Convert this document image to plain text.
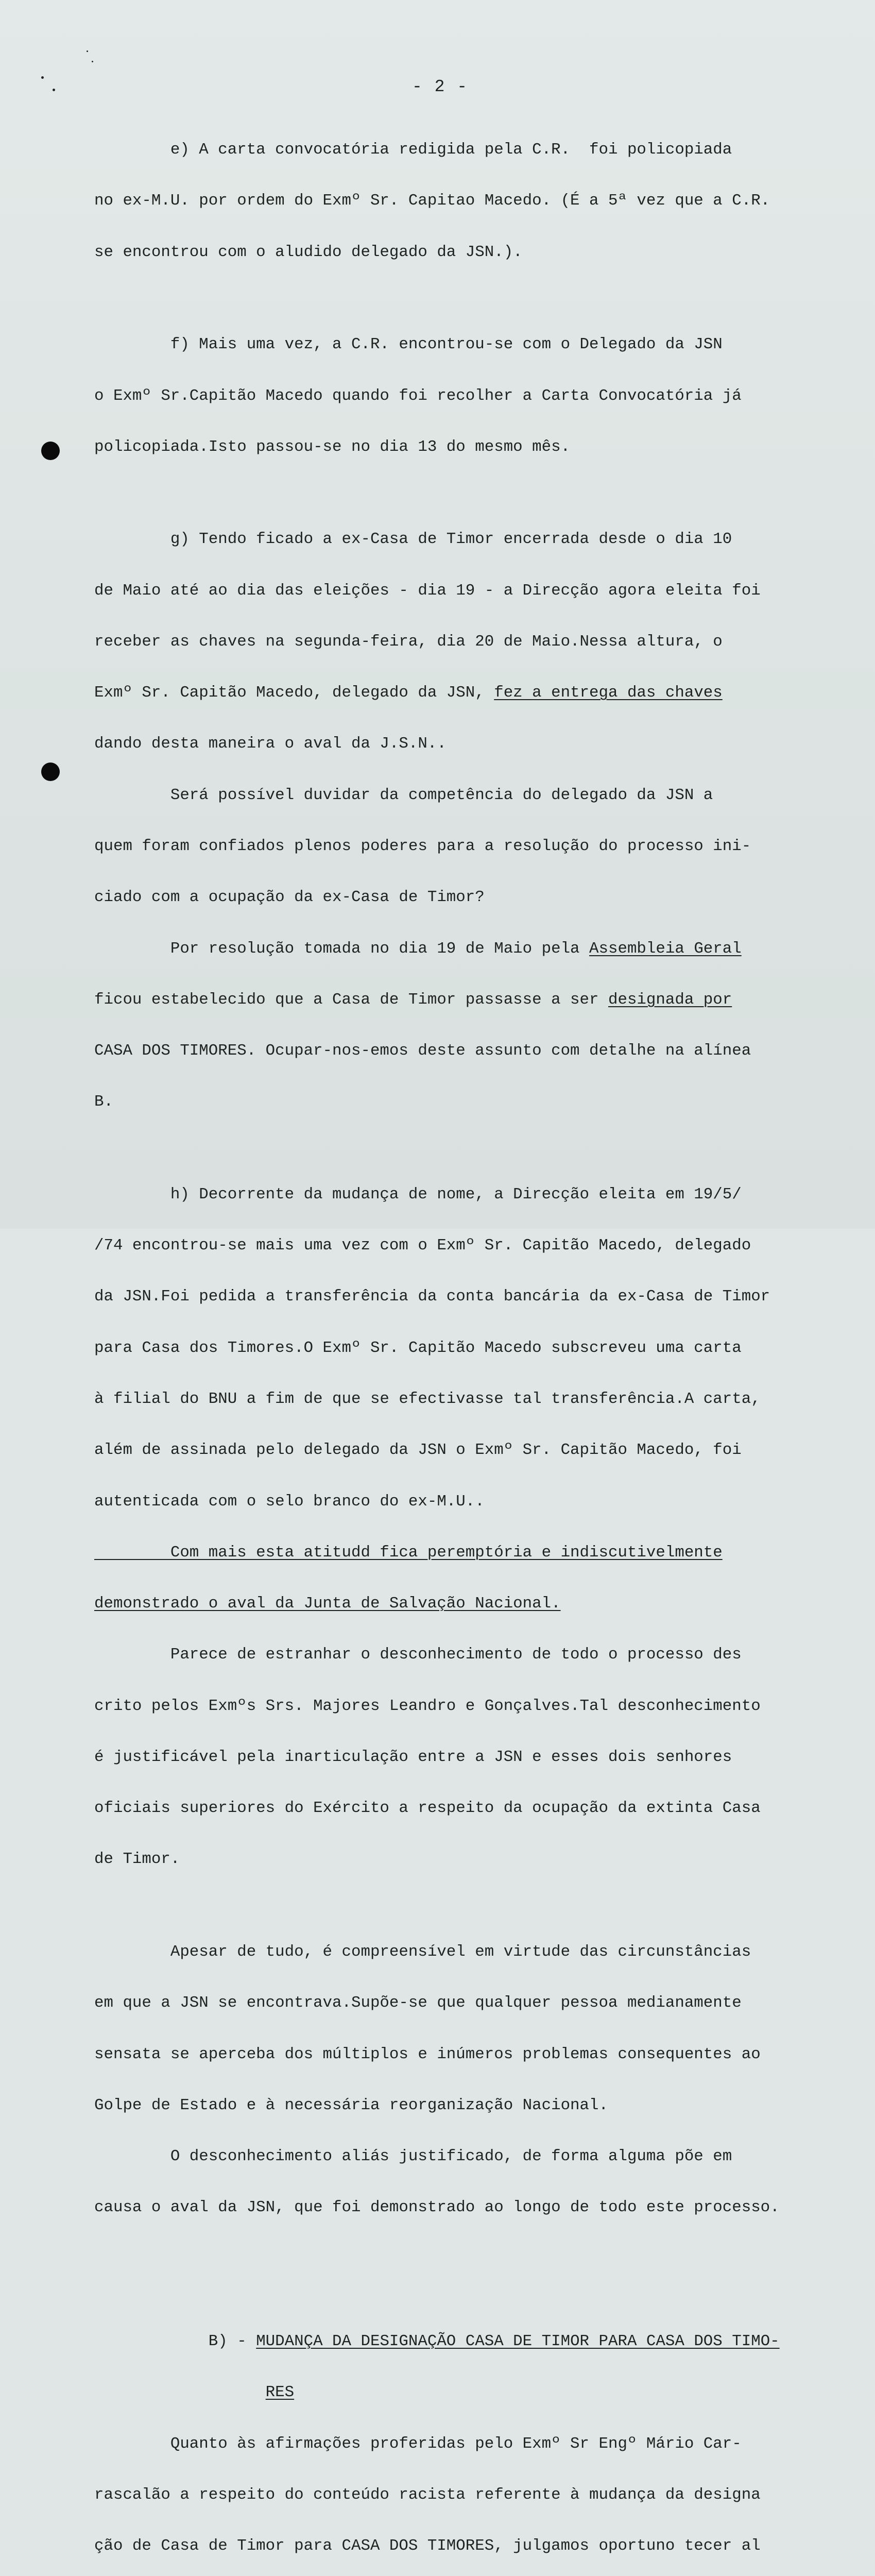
- 2 -

e) A carta convocatória redigida pela C.R.  foi policopiada

no ex-M.U. por ordem do Exmº Sr. Capitao Macedo. (É a 5ª vez que a C.R.

se encontrou com o aludido delegado da JSN.).

f) Mais uma vez, a C.R. encontrou-se com o Delegado da JSN

o Exmº Sr.Capitão Macedo quando foi recolher a Carta Convocatória já

policopiada.Isto passou-se no dia 13 do mesmo mês.

g) Tendo ficado a ex-Casa de Timor encerrada desde o dia 10

de Maio até ao dia das eleições - dia 19 - a Direcção agora eleita foi

receber as chaves na segunda-feira, dia 20 de Maio.Nessa altura, o

Exmº Sr. Capitão Macedo, delegado da JSN, fez a entrega das chaves

dando desta maneira o aval da J.S.N..

Será possível duvidar da competência do delegado da JSN a

quem foram confiados plenos poderes para a resolução do processo ini-

ciado com a ocupação da ex-Casa de Timor?

Por resolução tomada no dia 19 de Maio pela Assembleia Geral

ficou estabelecido que a Casa de Timor passasse a ser designada por

CASA DOS TIMORES. Ocupar-nos-emos deste assunto com detalhe na alínea

B.

h) Decorrente da mudança de nome, a Direcção eleita em 19/5/

/74 encontrou-se mais uma vez com o Exmº Sr. Capitão Macedo, delegado

da JSN.Foi pedida a transferência da conta bancária da ex-Casa de Timor

para Casa dos Timores.O Exmº Sr. Capitão Macedo subscreveu uma carta

à filial do BNU a fim de que se efectivasse tal transferência.A carta,

além de assinada pelo delegado da JSN o Exmº Sr. Capitão Macedo, foi

autenticada com o selo branco do ex-M.U..

Com mais esta atitudd fica peremptória e indiscutivelmente

demonstrado o aval da Junta de Salvação Nacional.

Parece de estranhar o desconhecimento de todo o processo des

crito pelos Exmºs Srs. Majores Leandro e Gonçalves.Tal desconhecimento

é justificável pela inarticulação entre a JSN e esses dois senhores

oficiais superiores do Exército a respeito da ocupação da extinta Casa

de Timor.

Apesar de tudo, é compreensível em virtude das circunstâncias

em que a JSN se encontrava.Supõe-se que qualquer pessoa medianamente

sensata se aperceba dos múltiplos e inúmeros problemas consequentes ao

Golpe de Estado e à necessária reorganização Nacional.

O desconhecimento aliás justificado, de forma alguma põe em

causa o aval da JSN, que foi demonstrado ao longo de todo este processo.

B) - MUDANÇA DA DESIGNAÇÃO CASA DE TIMOR PARA CASA DOS TIMO-

RES

Quanto às afirmações proferidas pelo Exmº Sr Engº Mário Car-

rascalão a respeito do conteúdo racista referente à mudança da designa

ção de Casa de Timor para CASA DOS TIMORES, julgamos oportuno tecer al
